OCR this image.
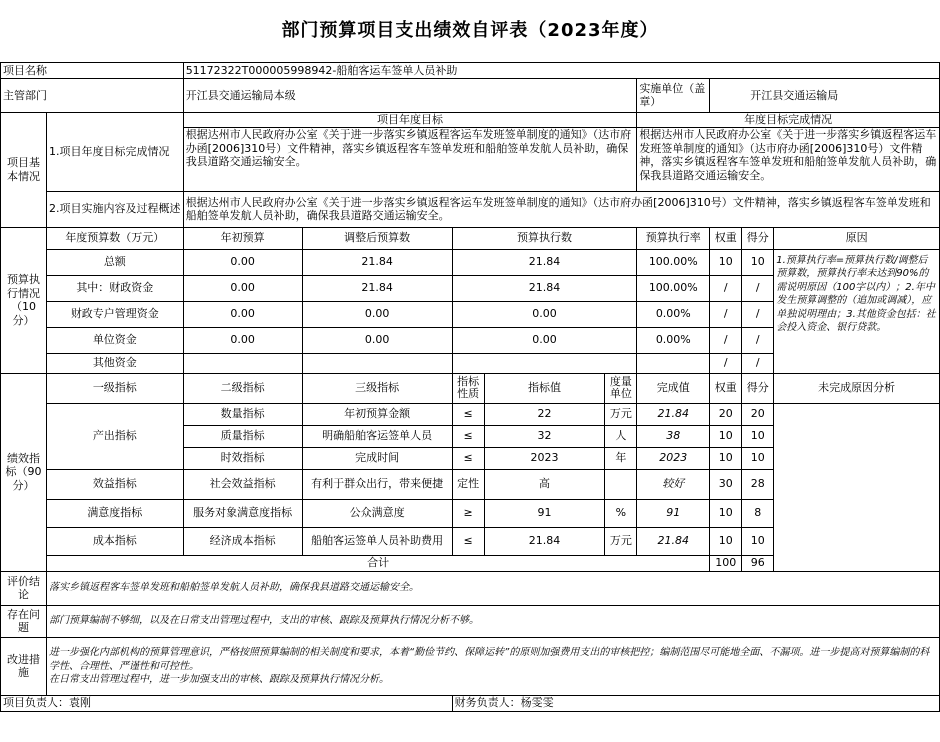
部门预算项目支出绩效自评表（2023年度）
项目名称		51172322T000005998942-船舶客运车签单人员补助								
主管部门		开江县交通运输局本级					实施单位（盖章）	开江县交通运输局		
项目基本情况	1.项目年度目标完成情况	项目年度目标					年度目标完成情况			
		根据达州市人民政府办公室《关于进一步落实乡镇返程客运车发班签单制度的通知》（达市府办函[2006]310号）文件精神，落实乡镇返程客车签单发班和船舶签单发航人员补助，确保我县道路交通运输安全。					根据达州市人民政府办公室《关于进一步落实乡镇返程客运车发班签单制度的通知》（达市府办函[2006]310号）文件精神，落实乡镇返程客车签单发班和船舶签单发航人员补助，确保我县道路交通运输安全。			
	2.项目实施内容及过程概述	根据达州市人民政府办公室《关于进一步落实乡镇返程客运车发班签单制度的通知》（达市府办函[2006]310号）文件精神，落实乡镇返程客车签单发班和船舶签单发航人员补助，确保我县道路交通运输安全。								
预算执行情况（10分）	年度预算数（万元）	年初预算	调整后预算数	预算执行数			预算执行率	权重	得分	原因
	总额	0.00	21.84	21.84			100.00%	10	10	1.预算执行率=预算执行数/调整后预算数，预算执行率未达到90%的需说明原因（100字以内）；2.年中发生预算调整的（追加或调减），应单独说明理由；3.其他资金包括：社会投入资金、银行贷款。
	其中：财政资金	0.00	21.84	21.84			100.00%	/	/	
	财政专户管理资金	0.00	0.00	0.00			0.00%	/	/	
	单位资金	0.00	0.00	0.00			0.00%	/	/	
	其他资金							/	/	
绩效指标（90分）	一级指标	二级指标	三级指标	指标性质	指标值	度量单位	完成值	权重	得分	未完成原因分析
	产出指标	数量指标	年初预算金额	≤	22	万元	21.84	20	20	
		质量指标	明确船舶客运签单人员	≤	32	人	38	10	10	
		时效指标	完成时间	≤	2023	年	2023	10	10	
	效益指标	社会效益指标	有利于群众出行，带来便捷	定性	高		较好	30	28	
	满意度指标	服务对象满意度指标	公众满意度	≥	91	%	91	10	8	
	成本指标	经济成本指标	船舶客运签单人员补助费用	≤	21.84	万元	21.84	10	10	
	合计							100	96	
评价结论	落实乡镇返程客车签单发班和船舶签单发航人员补助，确保我县道路交通运输安全。									
存在问题	部门预算编制不够细，以及在日常支出管理过程中，支出的审核、跟踪及预算执行情况分析不够。									
改进措施	进一步强化内部机构的预算管理意识，严格按照预算编制的相关制度和要求，本着“勤俭节约、保障运转”的原则加强费用支出的审核把控；编制范围尽可能地全面、不漏项。进一步提高对预算编制的科学性、合理性、严谨性和可控性。
在日常支出管理过程中，进一步加强支出的审核、跟踪及预算执行情况分析。									

项目负责人：袁刚				财务负责人：杨雯雯						
